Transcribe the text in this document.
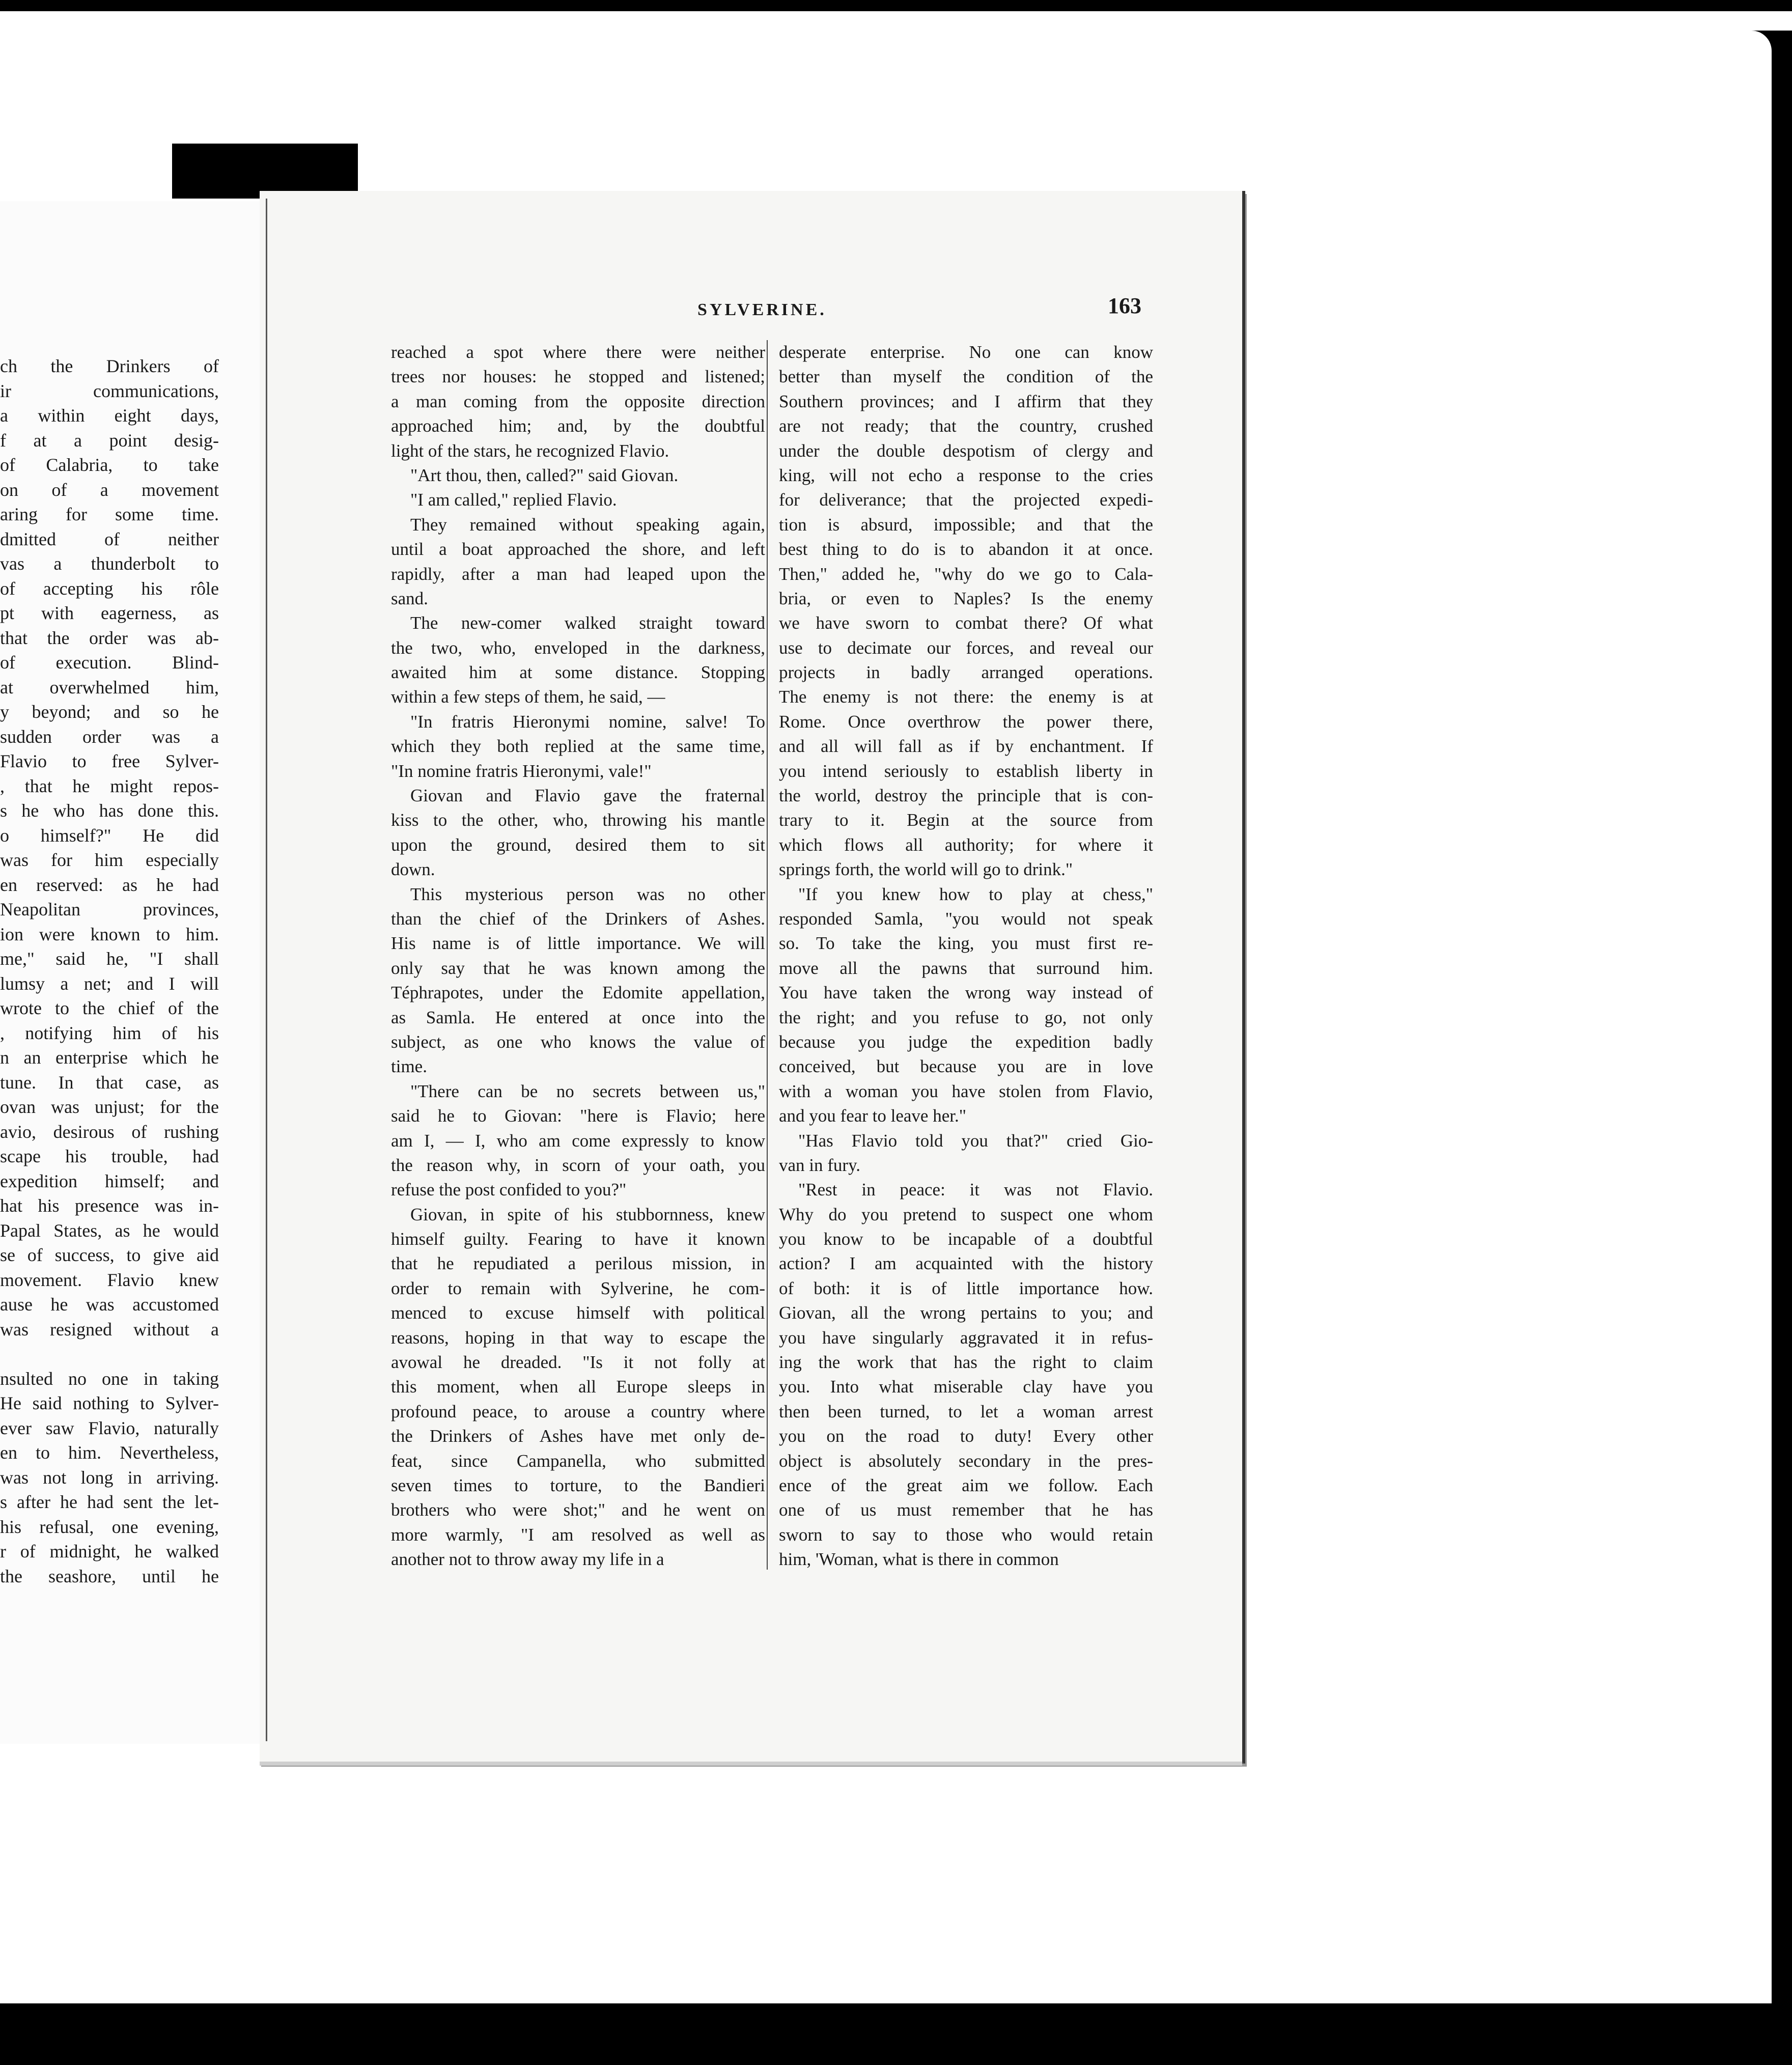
ch the Drinkers of
ir communications,
a within eight days,
f at a point desig-
of Calabria, to take
on of a movement
aring for some time.
dmitted of neither
vas a thunderbolt to
of accepting his rôle
pt with eagerness, as
that the order was ab-
of execution. Blind-
at overwhelmed him,
y beyond; and so he
sudden order was a
Flavio to free Sylver-
, that he might repos-
s he who has done this.
o himself?" He did
was for him especially
en reserved: as he had
Neapolitan provinces,
ion were known to him.
me," said he, "I shall
lumsy a net; and I will
wrote to the chief of the
, notifying him of his
n an enterprise which he
tune. In that case, as
ovan was unjust; for the
avio, desirous of rushing
scape his trouble, had
expedition himself; and
hat his presence was in-
Papal States, as he would
se of success, to give aid
movement. Flavio knew
ause he was accustomed
was resigned without a
nsulted no one in taking
He said nothing to Sylver-
ever saw Flavio, naturally
en to him. Nevertheless,
was not long in arriving.
s after he had sent the let-
his refusal, one evening,
r of midnight, he walked
the seashore, until he
SYLVERINE.	163
reached a spot where there were neither
trees nor houses: he stopped and listened;
a man coming from the opposite direction
approached him; and, by the doubtful
light of the stars, he recognized Flavio.
"Art thou, then, called?" said Giovan.
"I am called," replied Flavio.
They remained without speaking again,
until a boat approached the shore, and left
rapidly, after a man had leaped upon the
sand.
The new-comer walked straight toward
the two, who, enveloped in the darkness,
awaited him at some distance. Stopping
within a few steps of them, he said, —
"In fratris Hieronymi nomine, salve! To
which they both replied at the same time,
"In nomine fratris Hieronymi, vale!"
Giovan and Flavio gave the fraternal
kiss to the other, who, throwing his mantle
upon the ground, desired them to sit
down.
This mysterious person was no other
than the chief of the Drinkers of Ashes.
His name is of little importance. We will
only say that he was known among the
Téphrapotes, under the Edomite appellation,
as Samla. He entered at once into the
subject, as one who knows the value of
time.
"There can be no secrets between us,"
said he to Giovan: "here is Flavio; here
am I, — I, who am come expressly to know
the reason why, in scorn of your oath, you
refuse the post confided to you?"
Giovan, in spite of his stubbornness, knew
himself guilty. Fearing to have it known
that he repudiated a perilous mission, in
order to remain with Sylverine, he com-
menced to excuse himself with political
reasons, hoping in that way to escape the
avowal he dreaded. "Is it not folly at
this moment, when all Europe sleeps in
profound peace, to arouse a country where
the Drinkers of Ashes have met only de-
feat, since Campanella, who submitted
seven times to torture, to the Bandieri
brothers who were shot;" and he went on
more warmly, "I am resolved as well as
another not to throw away my life in a
desperate enterprise. No one can know
better than myself the condition of the
Southern provinces; and I affirm that they
are not ready; that the country, crushed
under the double despotism of clergy and
king, will not echo a response to the cries
for deliverance; that the projected expedi-
tion is absurd, impossible; and that the
best thing to do is to abandon it at once.
Then," added he, "why do we go to Cala-
bria, or even to Naples? Is the enemy
we have sworn to combat there? Of what
use to decimate our forces, and reveal our
projects in badly arranged operations.
The enemy is not there: the enemy is at
Rome. Once overthrow the power there,
and all will fall as if by enchantment. If
you intend seriously to establish liberty in
the world, destroy the principle that is con-
trary to it. Begin at the source from
which flows all authority; for where it
springs forth, the world will go to drink."
"If you knew how to play at chess,"
responded Samla, "you would not speak
so. To take the king, you must first re-
move all the pawns that surround him.
You have taken the wrong way instead of
the right; and you refuse to go, not only
because you judge the expedition badly
conceived, but because you are in love
with a woman you have stolen from Flavio,
and you fear to leave her."
"Has Flavio told you that?" cried Gio-
van in fury.
"Rest in peace: it was not Flavio.
Why do you pretend to suspect one whom
you know to be incapable of a doubtful
action? I am acquainted with the history
of both: it is of little importance how.
Giovan, all the wrong pertains to you; and
you have singularly aggravated it in refus-
ing the work that has the right to claim
you. Into what miserable clay have you
then been turned, to let a woman arrest
you on the road to duty! Every other
object is absolutely secondary in the pres-
ence of the great aim we follow. Each
one of us must remember that he has
sworn to say to those who would retain
him, 'Woman, what is there in common
